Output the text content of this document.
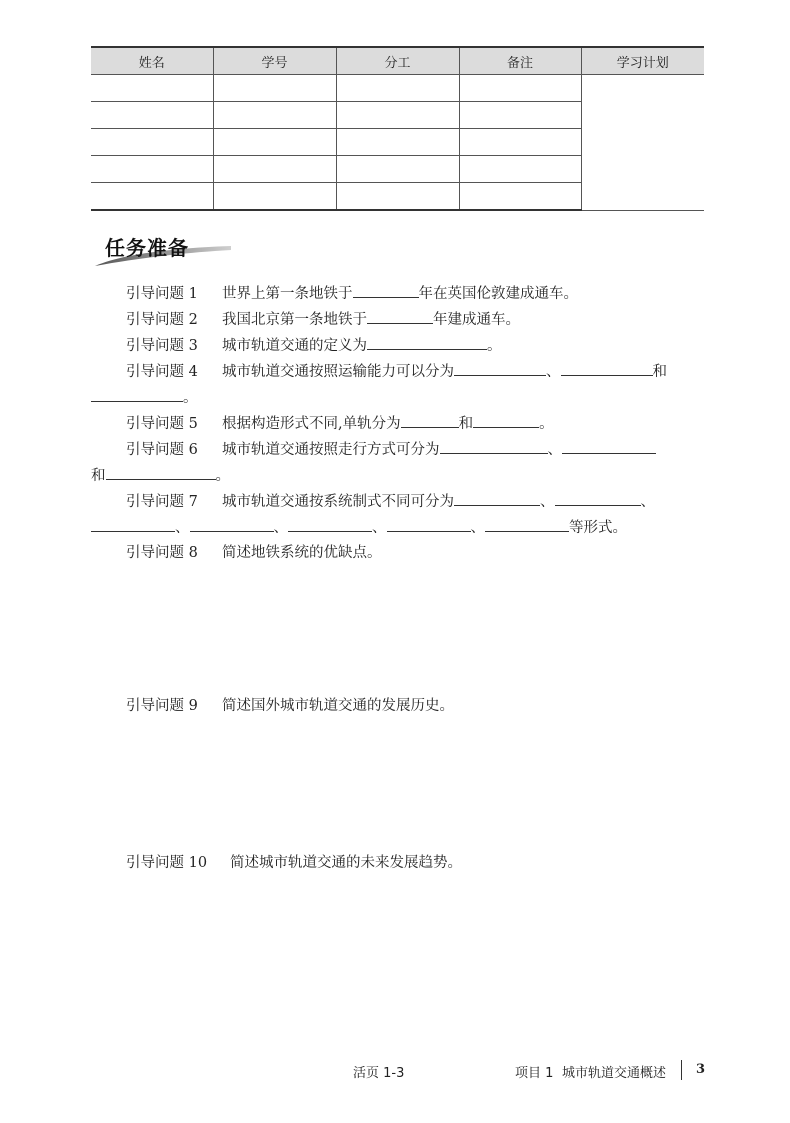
姓名	学号	分工	备注	学习计划

任务准备
引导问题 1 世界上第一条地铁于	年在英国伦敦建成通车。
引导问题 2 我国北京第一条地铁于	年建成通车。
引导问题 3 城市轨道交通的定义为	。
引导问题 4 城市轨道交通按照运输能力可以分为	、	和
。
引导问题 5 根据构造形式不同,单轨分为	和	。
引导问题 6 城市轨道交通按照走行方式可分为	、
和	。
引导问题 7 城市轨道交通按系统制式不同可分为	、	、
、	、	、	、	等形式。
引导问题 8 简述地铁系统的优缺点。
引导问题 9 简述国外城市轨道交通的发展历史。
引导问题 10 简述城市轨道交通的未来发展趋势。
活页 1-3	项目 1 城市轨道交通概述 3
